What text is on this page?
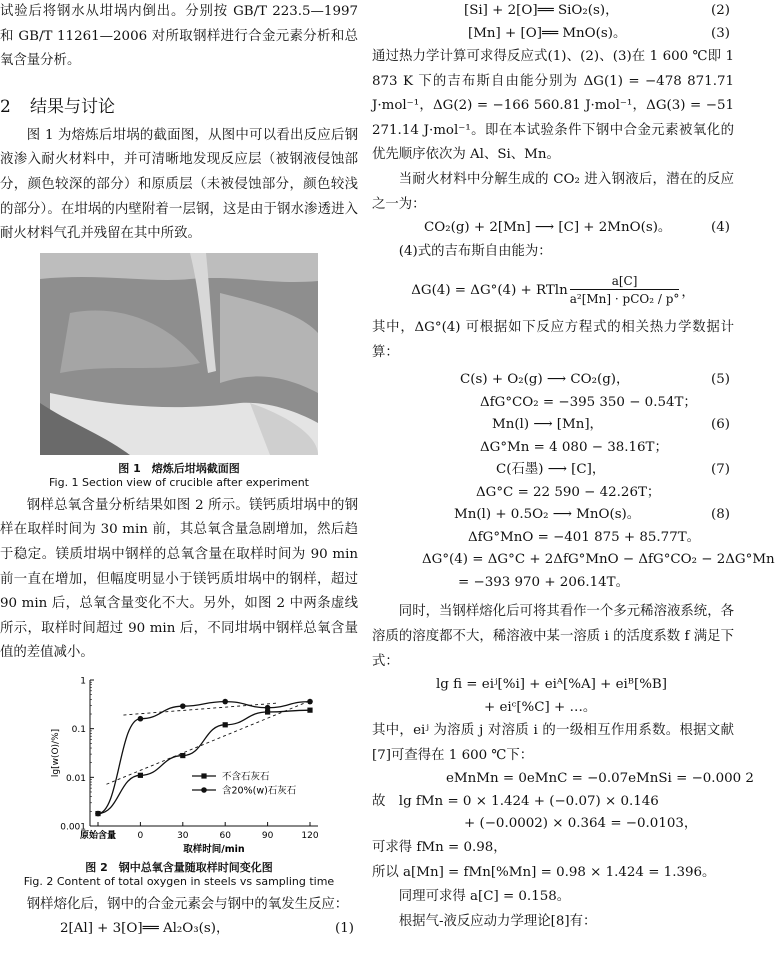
试验后将钢水从坩埚内倒出。分别按 GB/T 223.5—1997 和 GB/T 11261—2006 对所取钢样进行合金元素分析和总氧含量分析。

2 结果与讨论

图 1 为熔炼后坩埚的截面图，从图中可以看出反应后钢液渗入耐火材料中，并可清晰地发现反应层（被钢液侵蚀部分，颜色较深的部分）和原质层（未被侵蚀部分，颜色较浅的部分）。在坩埚的内壁附着一层钢，这是由于钢水渗透进入耐火材料气孔并残留在其中所致。

图 1　熔炼后坩埚截面图
Fig. 1 Section view of crucible after experiment

钢样总氧含量分析结果如图 2 所示。镁钙质坩埚中的钢样在取样时间为 30 min 前，其总氧含量急剧增加，然后趋于稳定。镁质坩埚中钢样的总氧含量在取样时间为 90 min 前一直在增加，但幅度明显小于镁钙质坩埚中的钢样，超过 90 min 后，总氧含量变化不大。另外，如图 2 中两条虚线所示，取样时间超过 90 min 后，不同坩埚中钢样总氧含量值的差值减小。

0.001
0.01
0.1
1
原始含量 0	30	60	90	120
取样时间/min
lg[w(O)/%]	不含石灰石
含20%(w)石灰石
图 2　钢中总氧含量随取样时间变化图
Fig. 2 Content of total oxygen in steels vs sampling time

钢样熔化后，钢中的合金元素会与钢中的氧发生反应：

2[Al] + 3[O]══ Al₂O₃(s)，	(1)
[Si] + 2[O]══ SiO₂(s)，	(2)
[Mn] + [O]══ MnO(s)。	(3)

通过热力学计算可求得反应式(1)、(2)、(3)在 1 600 ℃即 1 873 K 下的吉布斯自由能分别为 ΔG(1) = −478 871.71 J·mol⁻¹，ΔG(2) = −166 560.81 J·mol⁻¹，ΔG(3) = −51 271.14 J·mol⁻¹。即在本试验条件下钢中合金元素被氧化的优先顺序依次为 Al、Si、Mn。

当耐火材料中分解生成的 CO₂ 进入钢液后，潜在的反应之一为：

CO₂(g) + 2[Mn] ⟶ [C] + 2MnO(s)。	(4)

(4)式的吉布斯自由能为：

ΔG(4) = ΔG°(4) + RTln $\frac{a[C]}{\text{a²[Mn] · pCO₂ / p°}}$ ，

其中，ΔG°(4) 可根据如下反应方程式的相关热力学数据计算：

C(s) + O₂(g) ⟶ CO₂(g)，	(5)
ΔfG°CO₂ = −395 350 − 0.54T；
Mn(l) ⟶ [Mn]，	(6)
ΔG°Mn = 4 080 − 38.16T；
C(石墨) ⟶ [C]，	(7)
ΔG°C = 22 590 − 42.26T；
Mn(l) + 0.5O₂ ⟶ MnO(s)。	(8)
ΔfG°MnO = −401 875 + 85.77T。
ΔG°(4) = ΔG°C + 2ΔfG°MnO − ΔfG°CO₂ − 2ΔG°Mn
= −393 970 + 206.14T。

同时，当钢样熔化后可将其看作一个多元稀溶液系统，各溶质的溶度都不大，稀溶液中某一溶质 i 的活度系数 f 满足下式：

lg fi = eiʲ[%i] + eiᴬ[%A] + eiᴮ[%B]
+ eiᶜ[%C] + …。

其中，eiʲ 为溶质 j 对溶质 i 的一级相互作用系数。根据文献[7]可查得在 1 600 ℃下：

eMnMn = 0eMnC = −0.07eMnSi = −0.000 2
故　lg fMn = 0 × 1.424 + (−0.07) × 0.146
+ (−0.0002) × 0.364 = −0.0103，

可求得 fMn = 0.98，

所以 a[Mn] = fMn[%Mn] = 0.98 × 1.424 = 1.396。

同理可求得 a[C] = 0.158。

根据气-液反应动力学理论[8]有：
